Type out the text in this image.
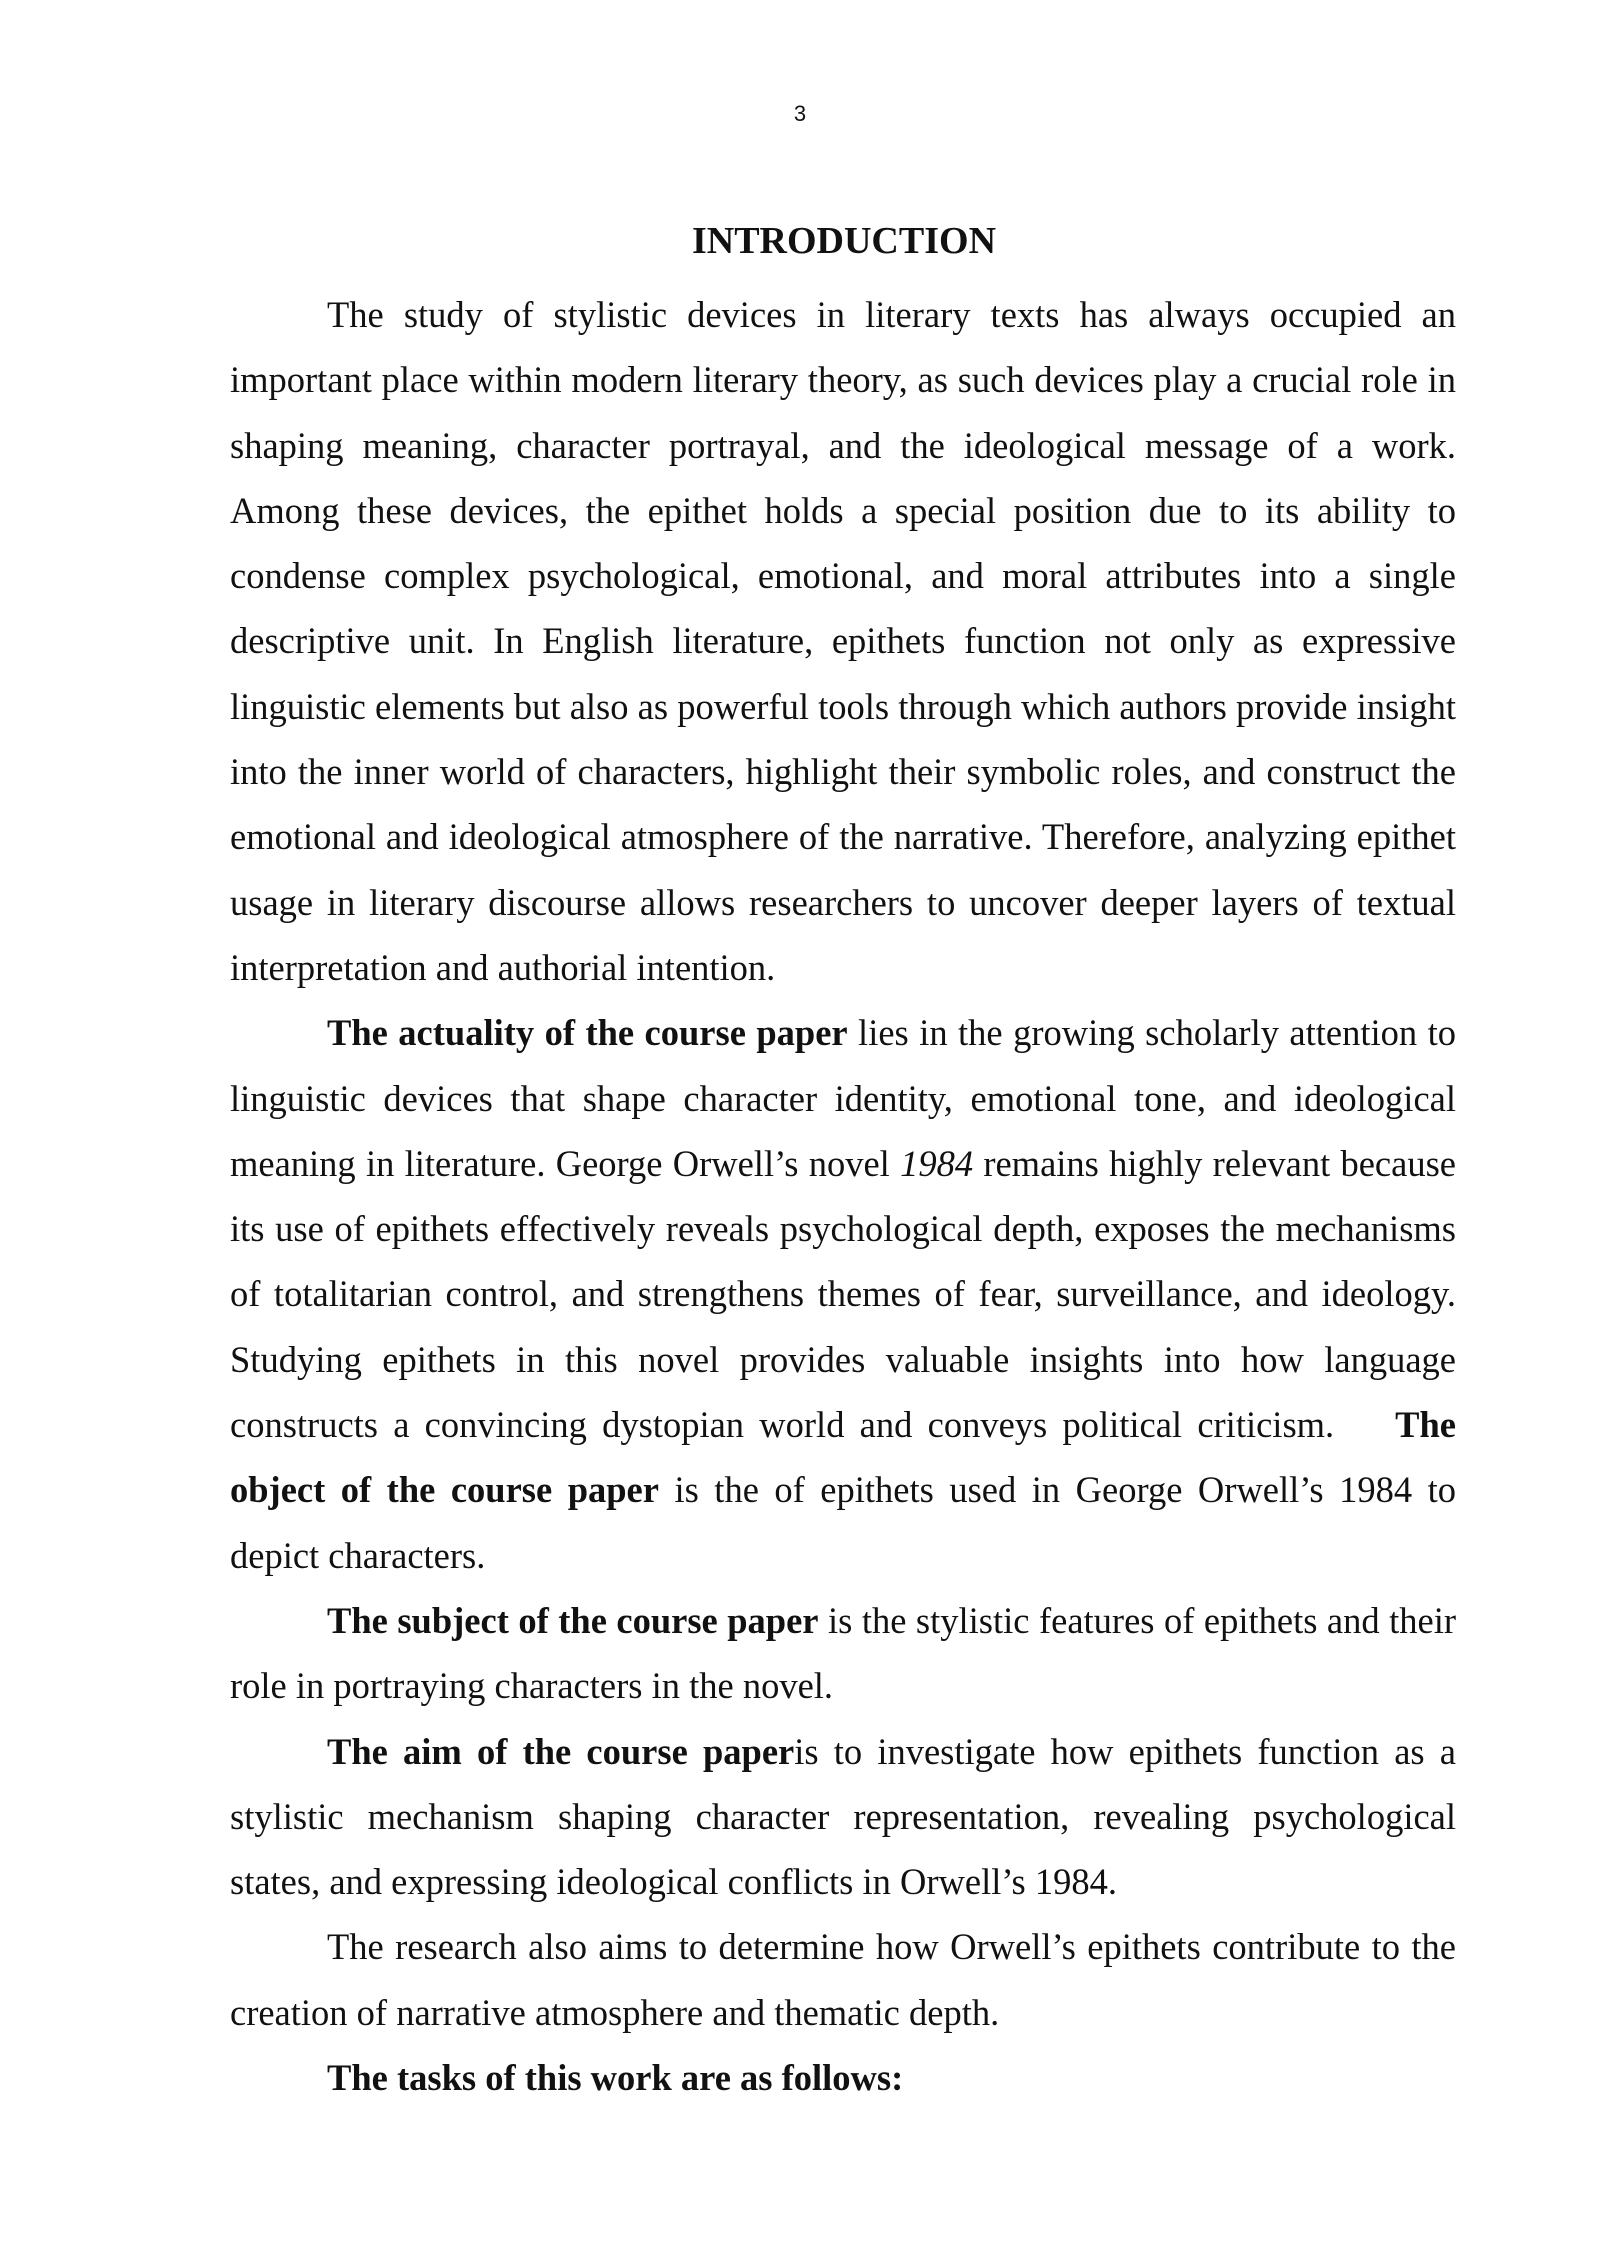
3
INTRODUCTION

The study of stylistic devices in literary texts has always occupied an important place within modern literary theory, as such devices play a crucial role in shaping meaning, character portrayal, and the ideological message of a work. Among these devices, the epithet holds a special position due to its ability to condense complex psychological, emotional, and moral attributes into a single descriptive unit. In English literature, epithets function not only as expressive linguistic elements but also as powerful tools through which authors provide insight into the inner world of characters, highlight their symbolic roles, and construct the emotional and ideological atmosphere of the narrative. Therefore, analyzing epithet usage in literary discourse allows researchers to uncover deeper layers of textual interpretation and authorial intention.

The actuality of the course paper lies in the growing scholarly attention to linguistic devices that shape character identity, emotional tone, and ideological meaning in literature. George Orwell’s novel 1984 remains highly relevant because its use of epithets effectively reveals psychological depth, exposes the mechanisms of totalitarian control, and strengthens themes of fear, surveillance, and ideology. Studying epithets in this novel provides valuable insights into how language constructs a convincing dystopian world and conveys political criticism.    The object of the course paper is the of epithets used in George Orwell’s 1984 to depict characters.

The subject of the course paper is the stylistic features of epithets and their role in portraying characters in the novel.

The aim of the course paperis to investigate how epithets function as a stylistic mechanism shaping character representation, revealing psychological states, and expressing ideological conflicts in Orwell’s 1984.

The research also aims to determine how Orwell’s epithets contribute to the creation of narrative atmosphere and thematic depth.

The tasks of this work are as follows:
